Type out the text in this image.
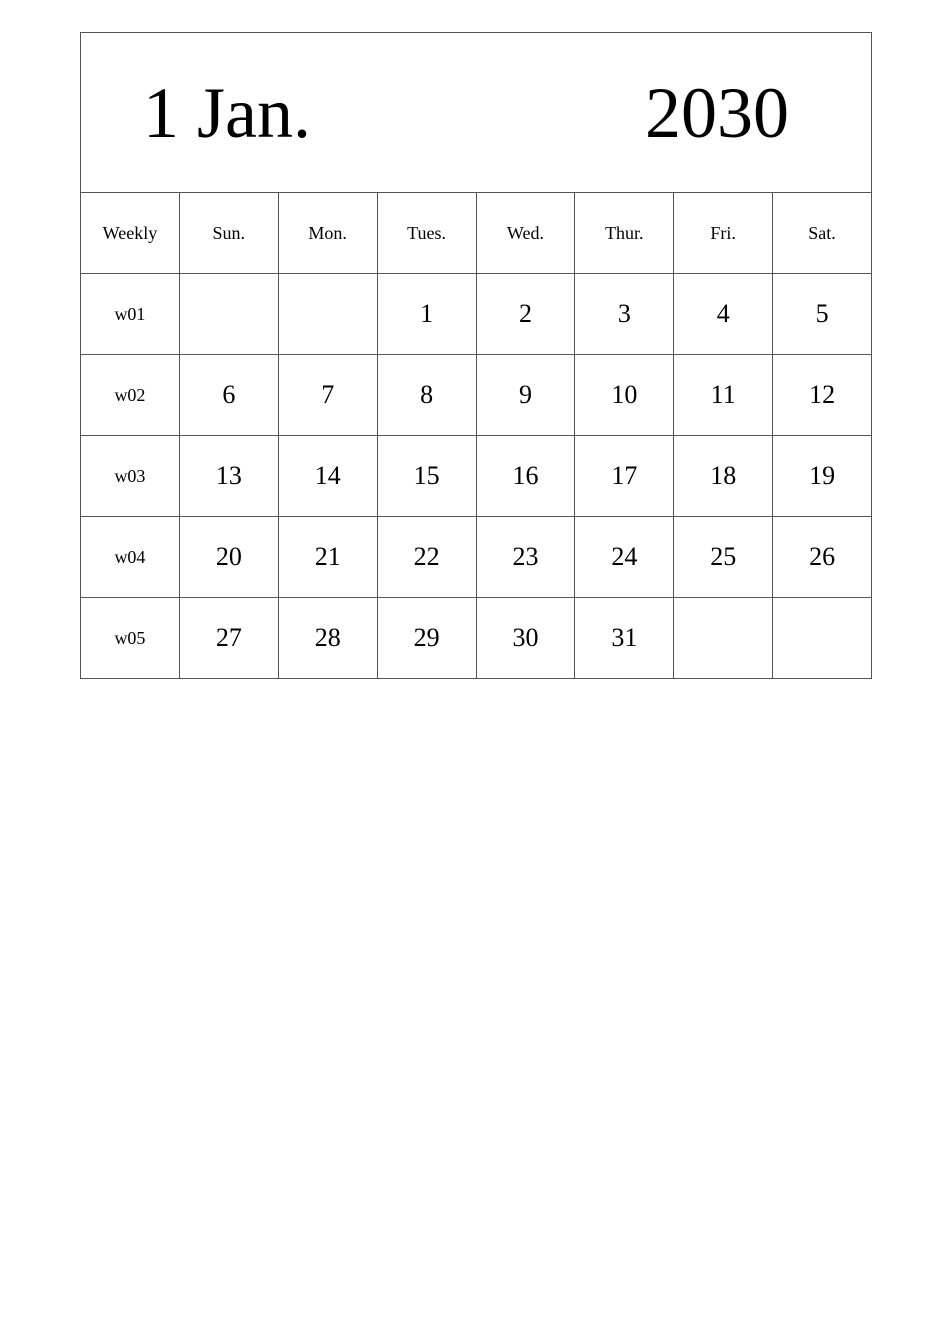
1 Jan. 2030							

Weekly	Sun.	Mon.	Tues.	Wed.	Thur.	Fri.	Sat.
w01			1	2	3	4	5
w02	6	7	8	9	10	11	12
w03	13	14	15	16	17	18	19
w04	20	21	22	23	24	25	26
w05	27	28	29	30	31		
